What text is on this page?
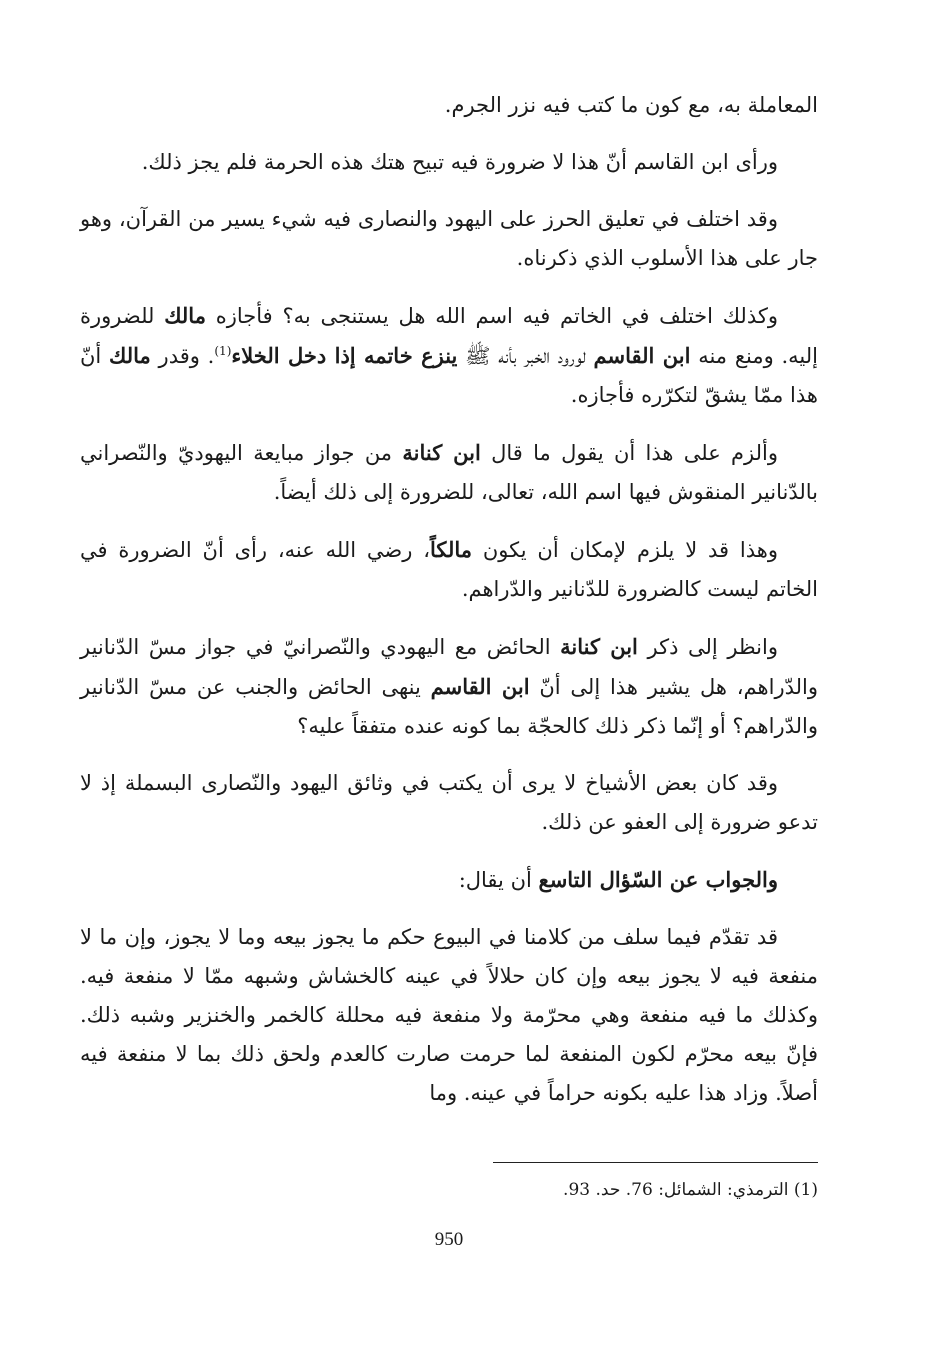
المعاملة به، مع كون ما كتب فيه نزر الجرم.

ورأى ابن القاسم أنّ هذا لا ضرورة فيه تبيح هتك هذه الحرمة فلم يجز ذلك.

وقد اختلف في تعليق الحرز على اليهود والنصارى فيه شيء يسير من القرآن، وهو جار على هذا الأسلوب الذي ذكرناه.

وكذلك اختلف في الخاتم فيه اسم الله هل يستنجى به؟ فأجازه مالك للضرورة إليه. ومنع منه ابن القاسم لورود الخبر بأنه ﷺ ينزع خاتمه إذا دخل الخلاء$^{(1)}$. وقدر مالك أنّ هذا ممّا يشقّ لتكرّره فأجازه.

وألزم على هذا أن يقول ما قال ابن كنانة من جواز مبايعة اليهوديّ والنّصراني بالدّنانير المنقوش فيها اسم الله، تعالى، للضرورة إلى ذلك أيضاً.

وهذا قد لا يلزم لإمكان أن يكون مالكاً، رضي الله عنه، رأى أنّ الضرورة في الخاتم ليست كالضرورة للدّنانير والدّراهم.

وانظر إلى ذكر ابن كنانة الحائض مع اليهودي والنّصرانيّ في جواز مسّ الدّنانير والدّراهم، هل يشير هذا إلى أنّ ابن القاسم ينهى الحائض والجنب عن مسّ الدّنانير والدّراهم؟ أو إنّما ذكر ذلك كالحجّة بما كونه عنده متفقاً عليه؟

وقد كان بعض الأشياخ لا يرى أن يكتب في وثائق اليهود والنّصارى البسملة إذ لا تدعو ضرورة إلى العفو عن ذلك.

والجواب عن السّؤال التاسع أن يقال:

قد تقدّم فيما سلف من كلامنا في البيوع حكم ما يجوز بيعه وما لا يجوز، وإن ما لا منفعة فيه لا يجوز بيعه وإن كان حلالاً في عينه كالخشاش وشبهه ممّا لا منفعة فيه. وكذلك ما فيه منفعة وهي محرّمة ولا منفعة فيه محللة كالخمر والخنزير وشبه ذلك. فإنّ بيعه محرّم لكون المنفعة لما حرمت صارت كالعدم ولحق ذلك بما لا منفعة فيه أصلاً. وزاد هذا عليه بكونه حراماً في عينه. وما

(1) الترمذي: الشمائل: 76. حد. 93.
950
